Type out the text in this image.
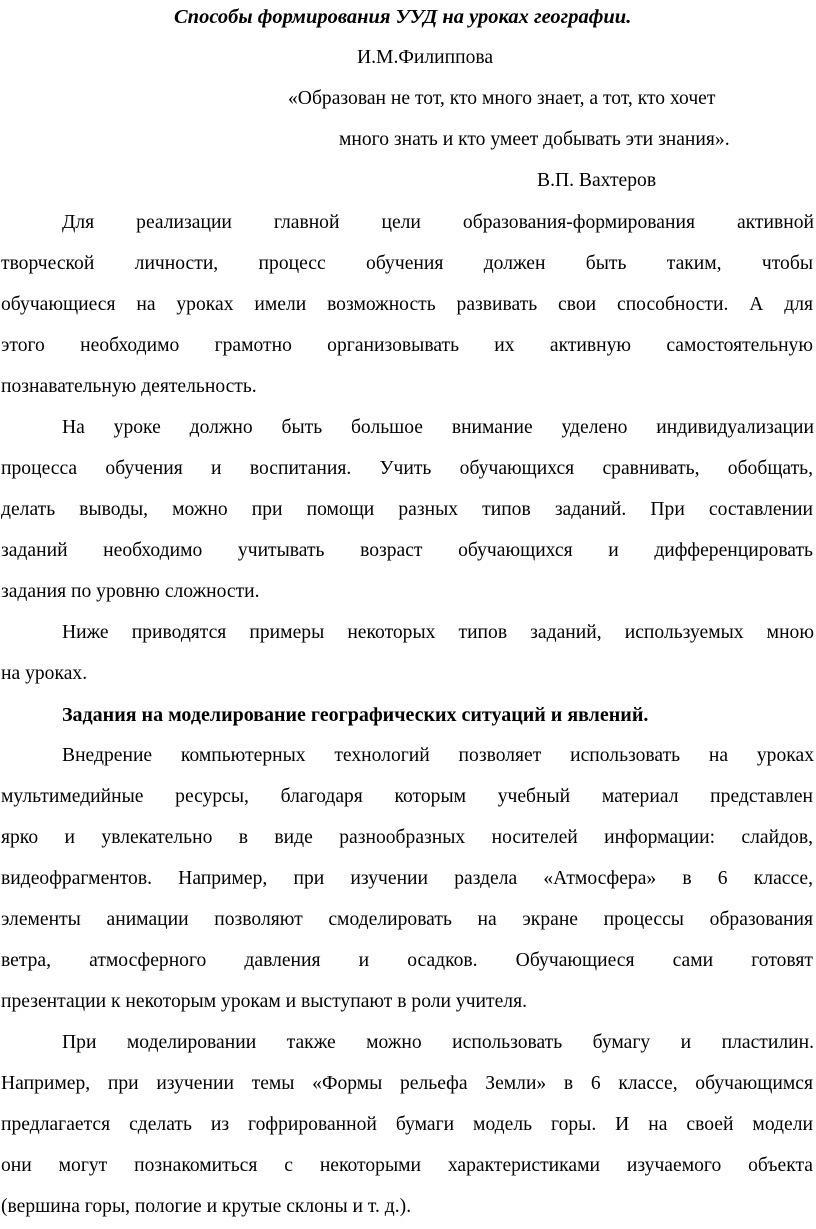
Способы формирования УУД на уроках географии.
И.М.Филиппова
«Образован не тот, кто много знает, а тот, кто хочет
много знать и кто умеет добывать эти знания».
В.П. Вахтеров
Для реализации главной цели образования-формирования активной
творческой личности, процесс обучения должен быть таким, чтобы
обучающиеся на уроках имели возможность развивать свои способности. А для
этого необходимо грамотно организовывать их активную самостоятельную
познавательную деятельность.
На уроке должно быть большое внимание уделено индивидуализации
процесса обучения и воспитания. Учить обучающихся сравнивать, обобщать,
делать выводы, можно при помощи разных типов заданий. При составлении
заданий необходимо учитывать возраст обучающихся и дифференцировать
задания по уровню сложности.
Ниже приводятся примеры некоторых типов заданий, используемых мною
на уроках.
Задания на моделирование географических ситуаций и явлений.
Внедрение компьютерных технологий позволяет использовать на уроках
мультимедийные ресурсы, благодаря которым учебный материал представлен
ярко и увлекательно в виде разнообразных носителей информации: слайдов,
видеофрагментов. Например, при изучении раздела «Атмосфера» в 6 классе,
элементы анимации позволяют смоделировать на экране процессы образования
ветра, атмосферного давления и осадков. Обучающиеся сами готовят
презентации к некоторым урокам и выступают в роли учителя.
При моделировании также можно использовать бумагу и пластилин.
Например, при изучении темы «Формы рельефа Земли» в 6 классе, обучающимся
предлагается сделать из гофрированной бумаги модель горы. И на своей модели
они могут познакомиться с некоторыми характеристиками изучаемого объекта
(вершина горы, пологие и крутые склоны и т. д.).
